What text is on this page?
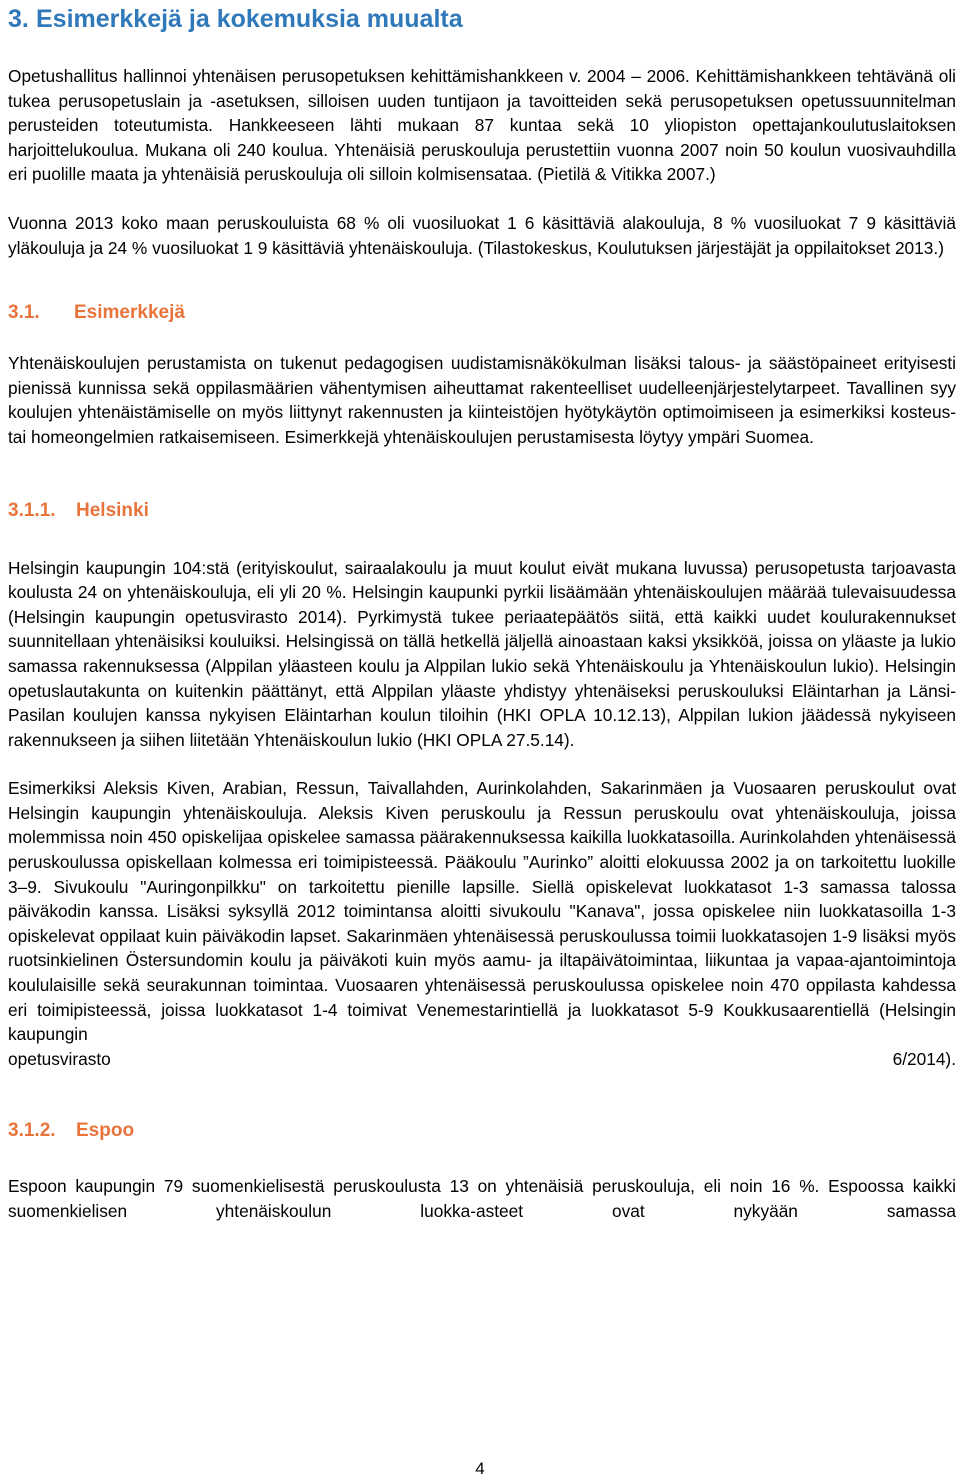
3. Esimerkkejä ja kokemuksia muualta

Opetushallitus hallinnoi yhtenäisen perusopetuksen kehittämishankkeen v. 2004 – 2006. Kehittämishankkeen tehtävänä oli tukea perusopetuslain ja -asetuksen, silloisen uuden tuntijaon ja tavoitteiden sekä perusopetuksen opetussuunnitelman perusteiden toteutumista. Hankkeeseen lähti mukaan 87 kuntaa sekä 10 yliopiston opettajankoulutuslaitoksen harjoittelukoulua. Mukana oli 240 koulua. Yhtenäisiä peruskouluja perustettiin vuonna 2007 noin 50 koulun vuosivauhdilla eri puolille maata ja yhtenäisiä peruskouluja oli silloin kolmisensataa. (Pietilä & Vitikka 2007.)

Vuonna 2013 koko maan peruskouluista 68 % oli vuosiluokat 1 6 käsittäviä alakouluja, 8 % vuosiluokat 7 9 käsittäviä yläkouluja ja 24 % vuosiluokat 1 9 käsittäviä yhtenäiskouluja. (Tilastokeskus, Koulutuksen järjestäjät ja oppilaitokset 2013.)

3.1. Esimerkkejä

Yhtenäiskoulujen perustamista on tukenut pedagogisen uudistamisnäkökulman lisäksi talous- ja säästöpaineet erityisesti pienissä kunnissa sekä oppilasmäärien vähentymisen aiheuttamat rakenteelliset uudelleenjärjestelytarpeet. Tavallinen syy koulujen yhtenäistämiselle on myös liittynyt rakennusten ja kiinteistöjen hyötykäytön optimoimiseen ja esimerkiksi kosteus- tai homeongelmien ratkaisemiseen. Esimerkkejä yhtenäiskoulujen perustamisesta löytyy ympäri Suomea.

3.1.1. Helsinki

Helsingin kaupungin 104:stä (erityiskoulut, sairaalakoulu ja muut koulut eivät mukana luvussa) perusopetusta tarjoavasta koulusta 24 on yhtenäiskouluja, eli yli 20 %. Helsingin kaupunki pyrkii lisäämään yhtenäiskoulujen määrää tulevaisuudessa (Helsingin kaupungin opetusvirasto 2014). Pyrkimystä tukee periaatepäätös siitä, että kaikki uudet koulurakennukset suunnitellaan yhtenäisiksi kouluiksi. Helsingissä on tällä hetkellä jäljellä ainoastaan kaksi yksikköä, joissa on yläaste ja lukio samassa rakennuksessa (Alppilan yläasteen koulu ja Alppilan lukio sekä Yhtenäiskoulu ja Yhtenäiskoulun lukio). Helsingin opetuslautakunta on kuitenkin päättänyt, että Alppilan yläaste yhdistyy yhtenäiseksi peruskouluksi Eläintarhan ja Länsi-Pasilan koulujen kanssa nykyisen Eläintarhan koulun tiloihin (HKI OPLA 10.12.13), Alppilan lukion jäädessä nykyiseen rakennukseen ja siihen liitetään Yhtenäiskoulun lukio (HKI OPLA 27.5.14).

Esimerkiksi Aleksis Kiven, Arabian, Ressun, Taivallahden, Aurinkolahden, Sakarinmäen ja Vuosaaren peruskoulut ovat Helsingin kaupungin yhtenäiskouluja. Aleksis Kiven peruskoulu ja Ressun peruskoulu ovat yhtenäiskouluja, joissa molemmissa noin 450 opiskelijaa opiskelee samassa päärakennuksessa kaikilla luokkatasoilla. Aurinkolahden yhtenäisessä peruskoulussa opiskellaan kolmessa eri toimipisteessä. Pääkoulu ”Aurinko” aloitti elokuussa 2002 ja on tarkoitettu luokille 3–9. Sivukoulu "Auringonpilkku" on tarkoitettu pienille lapsille. Siellä opiskelevat luokkatasot 1-3 samassa talossa päiväkodin kanssa. Lisäksi syksyllä 2012 toimintansa aloitti sivukoulu "Kanava", jossa opiskelee niin luokkatasoilla 1-3 opiskelevat oppilaat kuin päiväkodin lapset. Sakarinmäen yhtenäisessä peruskoulussa toimii luokkatasojen 1-9 lisäksi myös ruotsinkielinen Östersundomin koulu ja päiväkoti kuin myös aamu- ja iltapäivätoimintaa, liikuntaa ja vapaa-ajantoimintoja koululaisille sekä seurakunnan toimintaa. Vuosaaren yhtenäisessä peruskoulussa opiskelee noin 470 oppilasta kahdessa eri toimipisteessä, joissa luokkatasot 1-4 toimivat Venemestarintiellä ja luokkatasot 5-9 Koukkusaarentiellä (Helsingin kaupungin

opetusvirasto	6/2014).

3.1.2. Espoo

Espoon kaupungin 79 suomenkielisestä peruskoulusta 13 on yhtenäisiä peruskouluja, eli noin 16 %. Espoossa kaikki suomenkielisen yhtenäiskoulun luokka-asteet ovat nykyään samassa

4
